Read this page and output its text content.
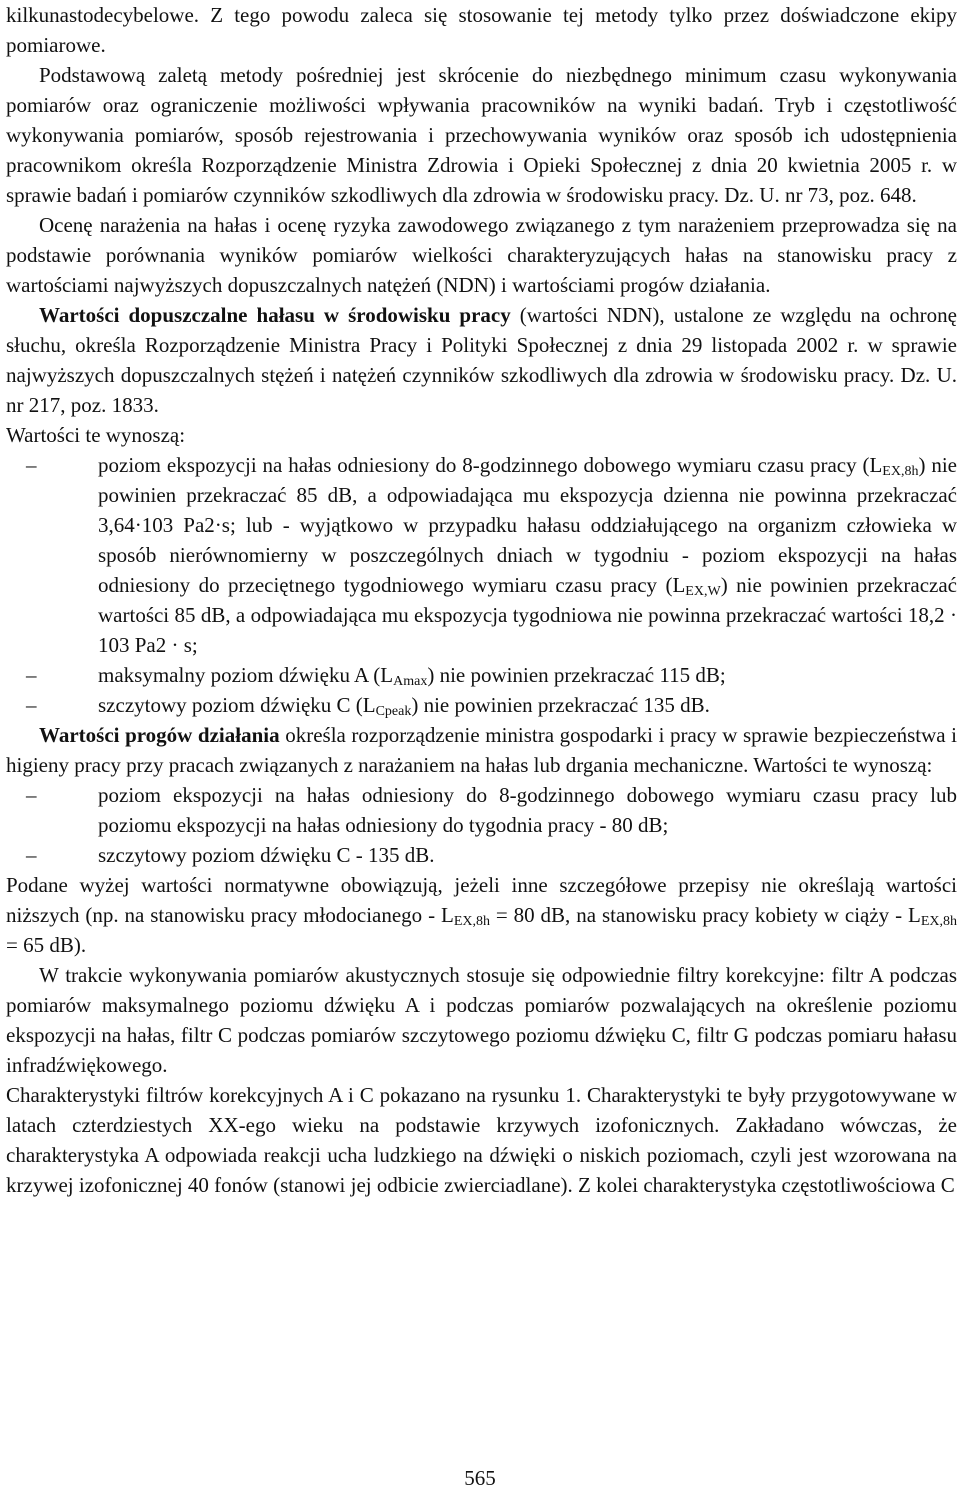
kilkunastodecybelowe. Z tego powodu zaleca się stosowanie tej metody tylko przez doświadczone ekipy pomiarowe.

Podstawową zaletą metody pośredniej jest skrócenie do niezbędnego minimum czasu wykonywania pomiarów oraz ograniczenie możliwości wpływania pracowników na wyniki badań. Tryb i częstotliwość wykonywania pomiarów, sposób rejestrowania i przechowywania wyników oraz sposób ich udostępnienia pracownikom określa Rozporządzenie Ministra Zdrowia i Opieki Społecznej z dnia 20 kwietnia 2005 r. w sprawie badań i pomiarów czynników szkodliwych dla zdrowia w środowisku pracy. Dz. U. nr 73, poz. 648.

Ocenę narażenia na hałas i ocenę ryzyka zawodowego związanego z tym narażeniem przeprowadza się na podstawie porównania wyników pomiarów wielkości charakteryzujących hałas na stanowisku pracy z wartościami najwyższych dopuszczalnych natężeń (NDN) i wartościami progów działania.

Wartości dopuszczalne hałasu w środowisku pracy (wartości NDN), ustalone ze względu na ochronę słuchu, określa Rozporządzenie Ministra Pracy i Polityki Społecznej z dnia 29 listopada 2002 r. w sprawie najwyższych dopuszczalnych stężeń i natężeń czynników szkodliwych dla zdrowia w środowisku pracy. Dz. U. nr 217, poz. 1833.

Wartości te wynoszą:

– poziom ekspozycji na hałas odniesiony do 8-godzinnego dobowego wymiaru czasu pracy $(L_{EX,8h})$ nie powinien przekraczać 85 dB, a odpowiadająca mu ekspozycja dzienna nie powinna przekraczać 3,64·103 Pa2·s; lub - wyjątkowo w przypadku hałasu oddziałującego na organizm człowieka w sposób nierównomierny w poszczególnych dniach w tygodniu - poziom ekspozycji na hałas odniesiony do przeciętnego tygodniowego wymiaru czasu pracy $(L_{EX,W})$ nie powinien przekraczać wartości 85 dB, a odpowiadająca mu ekspozycja tygodniowa nie powinna przekraczać wartości 18,2 · 103 Pa2 · s;
– maksymalny poziom dźwięku A $(L_{Amax})$ nie powinien przekraczać 115 dB;
– szczytowy poziom dźwięku C $(L_{Cpeak})$ nie powinien przekraczać 135 dB.

Wartości progów działania określa rozporządzenie ministra gospodarki i pracy w sprawie bezpieczeństwa i higieny pracy przy pracach związanych z narażaniem na hałas lub drgania mechaniczne. Wartości te wynoszą:

– poziom ekspozycji na hałas odniesiony do 8-godzinnego dobowego wymiaru czasu pracy lub poziomu ekspozycji na hałas odniesiony do tygodnia pracy - 80 dB;
– szczytowy poziom dźwięku C - 135 dB.

Podane wyżej wartości normatywne obowiązują, jeżeli inne szczegółowe przepisy nie określają wartości niższych (np. na stanowisku pracy młodocianego - $L_{EX,8h} = 80$ dB, na stanowisku pracy kobiety w ciąży - $L_{EX,8h} = 65$ dB).

W trakcie wykonywania pomiarów akustycznych stosuje się odpowiednie filtry korekcyjne: filtr A podczas pomiarów maksymalnego poziomu dźwięku A i podczas pomiarów pozwalających na określenie poziomu ekspozycji na hałas, filtr C podczas pomiarów szczytowego poziomu dźwięku C, filtr G podczas pomiaru hałasu infradźwiękowego.

Charakterystyki filtrów korekcyjnych A i C pokazano na rysunku 1. Charakterystyki te były przygotowywane w latach czterdziestych XX-ego wieku na podstawie krzywych izofonicznych. Zakładano wówczas, że charakterystyka A odpowiada reakcji ucha ludzkiego na dźwięki o niskich poziomach, czyli jest wzorowana na krzywej izofonicznej 40 fonów (stanowi jej odbicie zwierciadlane). Z kolei charakterystyka częstotliwościowa C

565
